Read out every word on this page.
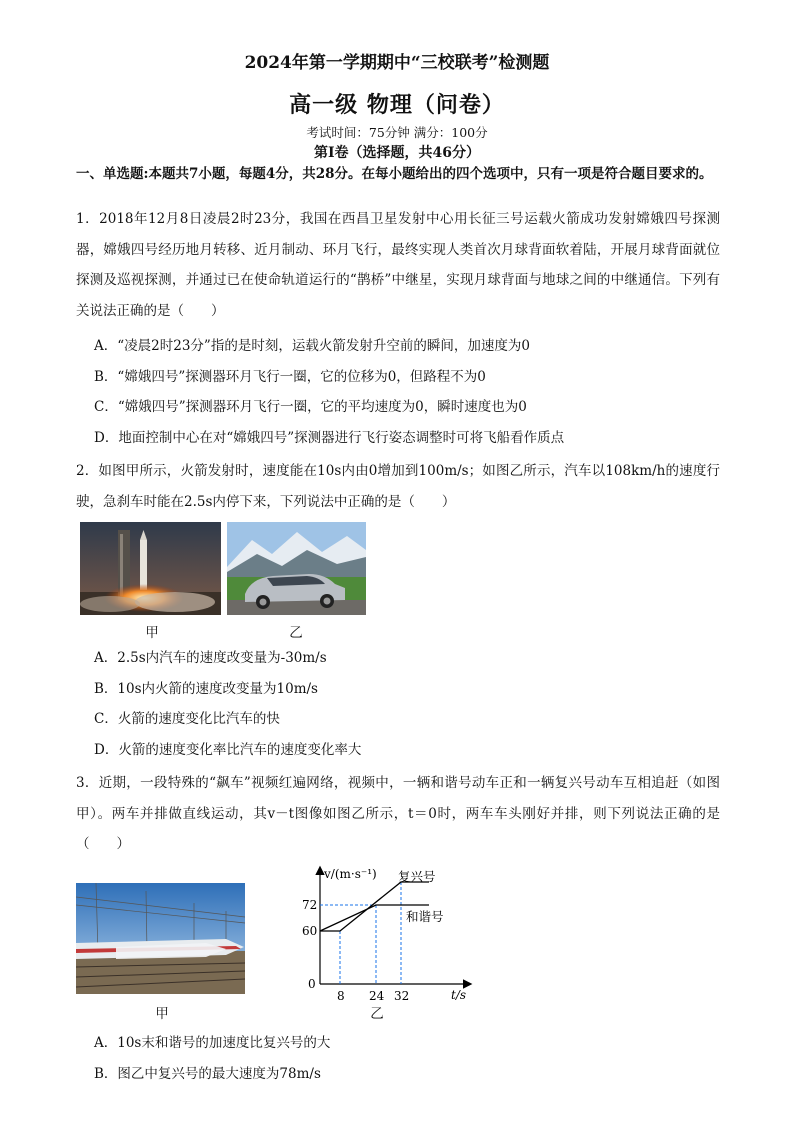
2024年第一学期期中“三校联考”检测题
高一级 物理（问卷）
考试时间：75分钟 满分：100分
第Ⅰ卷（选择题，共46分）
一、单选题:本题共7小题，每题4分，共28分。在每小题给出的四个选项中，只有一项是符合题目要求的。
1．2018年12月8日凌晨2时23分，我国在西昌卫星发射中心用长征三号运载火箭成功发射嫦娥四号探测器，嫦娥四号经历地月转移、近月制动、环月飞行，最终实现人类首次月球背面软着陆，开展月球背面就位探测及巡视探测，并通过已在使命轨道运行的“鹊桥”中继星，实现月球背面与地球之间的中继通信。下列有关说法正确的是（　　）
A．“凌晨2时23分”指的是时刻，运载火箭发射升空前的瞬间，加速度为0
B．“嫦娥四号”探测器环月飞行一圈，它的位移为0，但路程不为0
C．“嫦娥四号”探测器环月飞行一圈，它的平均速度为0，瞬时速度也为0
D．地面控制中心在对“嫦娥四号”探测器进行飞行姿态调整时可将飞船看作质点
2．如图甲所示，火箭发射时，速度能在10s内由0增加到100m/s；如图乙所示，汽车以108km/h的速度行驶，急刹车时能在2.5s内停下来，下列说法中正确的是（　　）
甲	乙
A．2.5s内汽车的速度改变量为-30m/s
B．10s内火箭的速度改变量为10m/s
C．火箭的速度变化比汽车的快
D．火箭的速度变化率比汽车的速度变化率大
3．近期，一段特殊的“飙车”视频红遍网络，视频中，一辆和谐号动车正和一辆复兴号动车互相追赶（如图甲）。两车并排做直线运动，其v－t图像如图乙所示，t＝0时，两车车头刚好并排，则下列说法正确的是（　　）
甲
v/(m·s⁻¹)
t/s
0
8 24 32
60
72
复兴号
和谐号
乙
A．10s末和谐号的加速度比复兴号的大
B．图乙中复兴号的最大速度为78m/s
